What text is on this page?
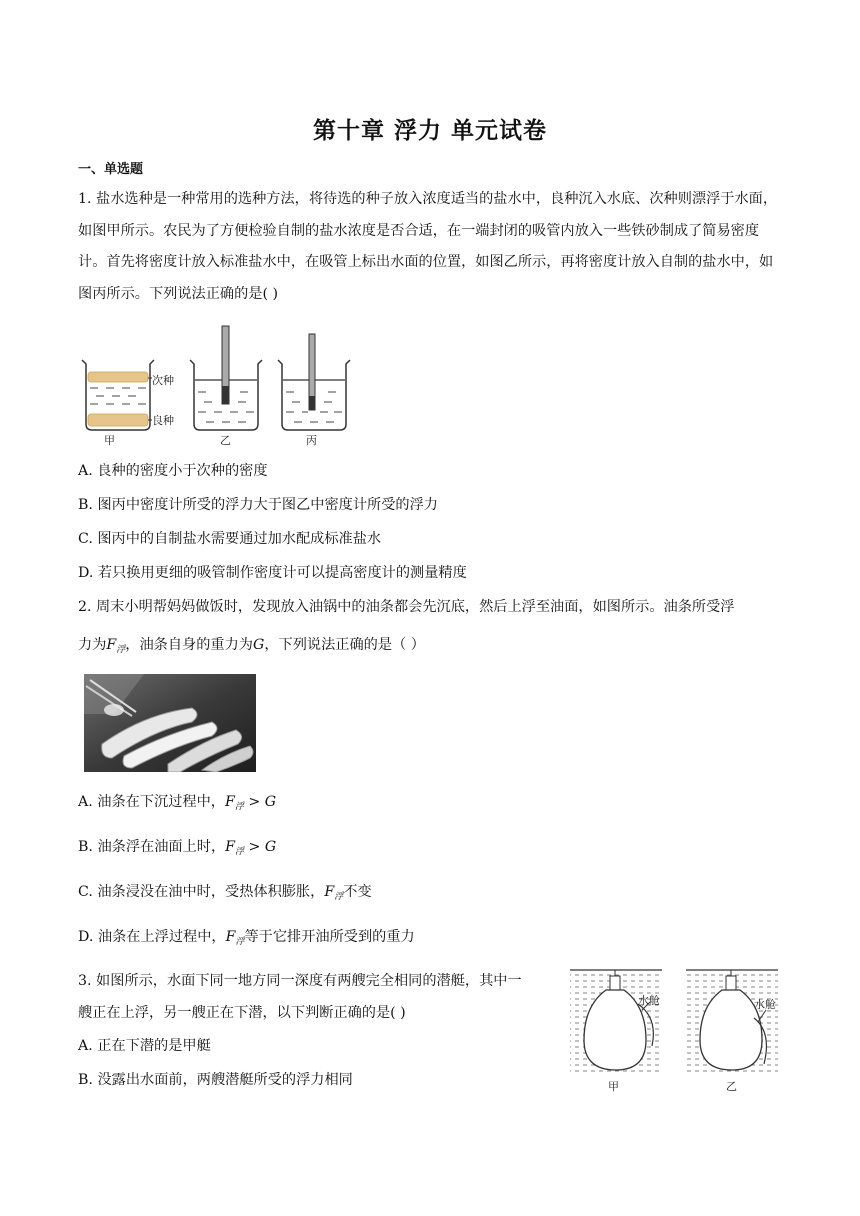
第十章 浮力 单元试卷
一、单选题
1. 盐水选种是一种常用的选种方法，将待选的种子放入浓度适当的盐水中，良种沉入水底、次种则漂浮于水面，如图甲所示。农民为了方便检验自制的盐水浓度是否合适，在一端封闭的吸管内放入一些铁砂制成了简易密度计。首先将密度计放入标准盐水中，在吸管上标出水面的位置，如图乙所示，再将密度计放入自制的盐水中，如图丙所示。下列说法正确的是( )
次种
良种
甲	乙	丙
A. 良种的密度小于次种的密度
B. 图丙中密度计所受的浮力大于图乙中密度计所受的浮力
C. 图丙中的自制盐水需要通过加水配成标准盐水
D. 若只换用更细的吸管制作密度计可以提高密度计的测量精度
2. 周末小明帮妈妈做饭时，发现放入油锅中的油条都会先沉底，然后上浮至油面，如图所示。油条所受浮
力为$F_浮$，油条自身的重力为G，下列说法正确的是（ ）
A. 油条在下沉过程中，$F_浮 > G$
B. 油条浮在油面上时，$F_浮 > G$
C. 油条浸没在油中时，受热体积膨胀，$F_浮$不变
D. 油条在上浮过程中，$F_浮$等于它排开油所受到的重力
3. 如图所示，水面下同一地方同一深度有两艘完全相同的潜艇，其中一
艘正在上浮，另一艘正在下潜，以下判断正确的是( )
A. 正在下潜的是甲艇
B. 没露出水面前，两艘潜艇所受的浮力相同
水舱
甲
水舱
乙
